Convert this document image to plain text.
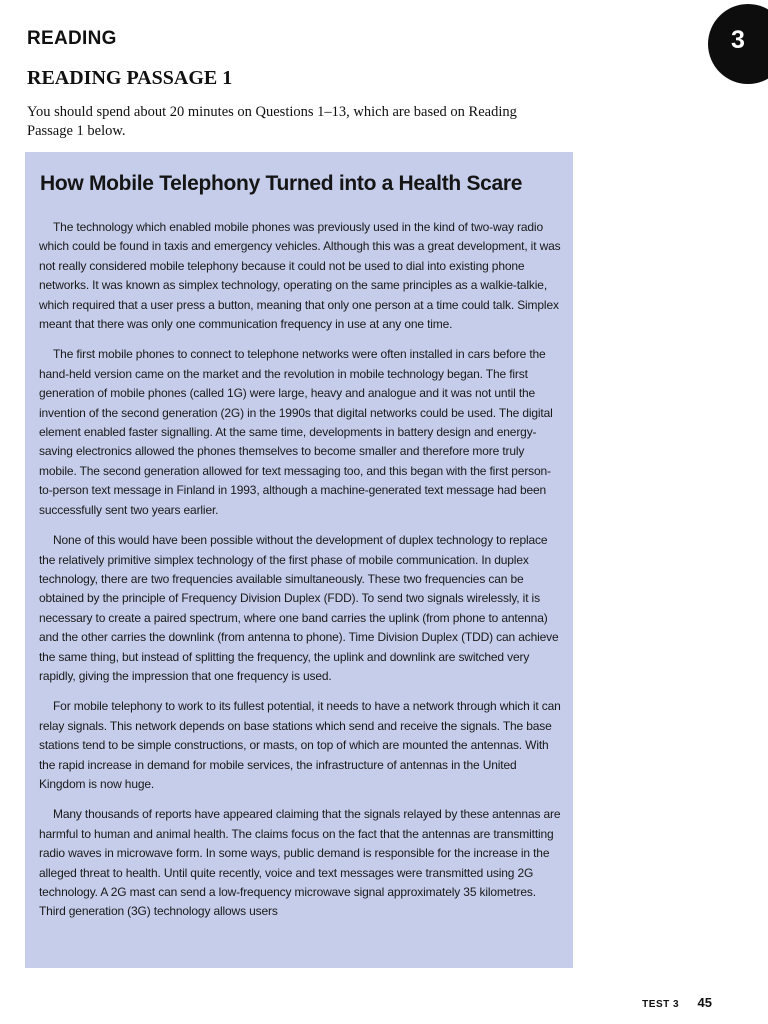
READING	3
READING PASSAGE 1

You should spend about 20 minutes on Questions 1–13, which are based on Reading Passage 1 below.

How Mobile Telephony Turned into a Health Scare

The technology which enabled mobile phones was previously used in the kind of two-way radio which could be found in taxis and emergency vehicles. Although this was a great development, it was not really considered mobile telephony because it could not be used to dial into existing phone networks. It was known as simplex technology, operating on the same principles as a walkie-talkie, which required that a user press a button, meaning that only one person at a time could talk. Simplex meant that there was only one communication frequency in use at any one time.

The first mobile phones to connect to telephone networks were often installed in cars before the hand-held version came on the market and the revolution in mobile technology began. The first generation of mobile phones (called 1G) were large, heavy and analogue and it was not until the invention of the second generation (2G) in the 1990s that digital networks could be used. The digital element enabled faster signalling. At the same time, developments in battery design and energy-saving electronics allowed the phones themselves to become smaller and therefore more truly mobile. The second generation allowed for text messaging too, and this began with the first person-to-person text message in Finland in 1993, although a machine-generated text message had been successfully sent two years earlier.

None of this would have been possible without the development of duplex technology to replace the relatively primitive simplex technology of the first phase of mobile communication. In duplex technology, there are two frequencies available simultaneously. These two frequencies can be obtained by the principle of Frequency Division Duplex (FDD). To send two signals wirelessly, it is necessary to create a paired spectrum, where one band carries the uplink (from phone to antenna) and the other carries the downlink (from antenna to phone). Time Division Duplex (TDD) can achieve the same thing, but instead of splitting the frequency, the uplink and downlink are switched very rapidly, giving the impression that one frequency is used.

For mobile telephony to work to its fullest potential, it needs to have a network through which it can relay signals. This network depends on base stations which send and receive the signals. The base stations tend to be simple constructions, or masts, on top of which are mounted the antennas. With the rapid increase in demand for mobile services, the infrastructure of antennas in the United Kingdom is now huge.

Many thousands of reports have appeared claiming that the signals relayed by these antennas are harmful to human and animal health. The claims focus on the fact that the antennas are transmitting radio waves in microwave form. In some ways, public demand is responsible for the increase in the alleged threat to health. Until quite recently, voice and text messages were transmitted using 2G technology. A 2G mast can send a low-frequency microwave signal approximately 35 kilometres. Third generation (3G) technology allows users

TEST 3 45
